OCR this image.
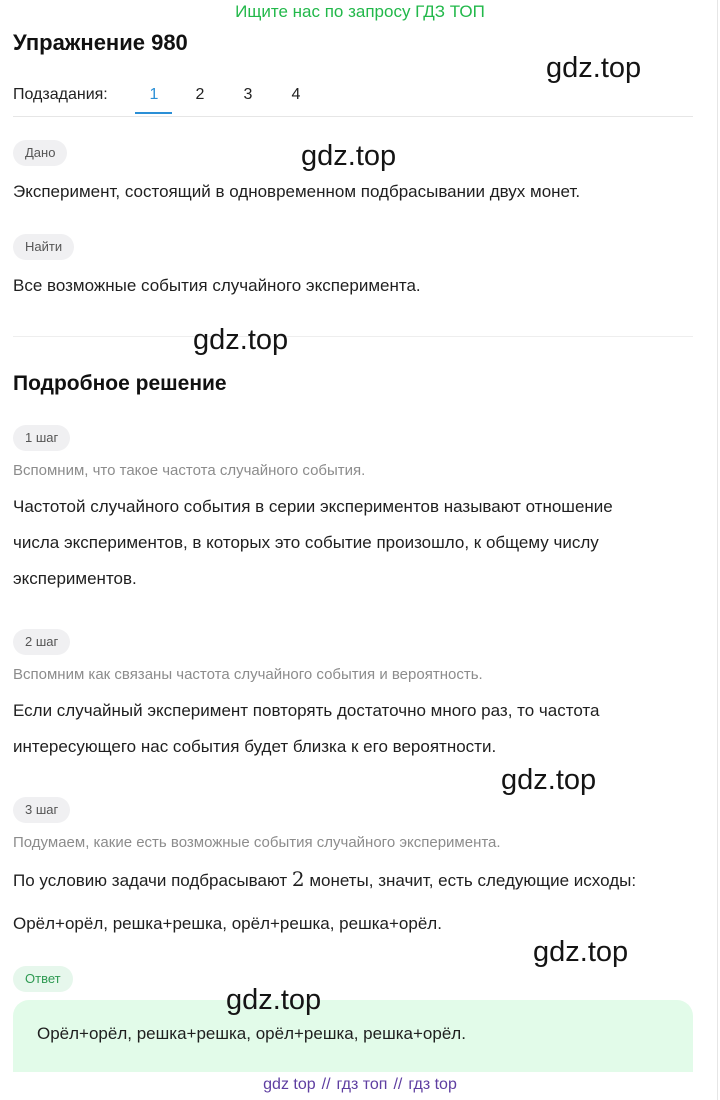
Ищите нас по запросу ГДЗ ТОП
Упражнение 980
Подзадания:	1	2	3	4
Дано
Эксперимент, состоящий в одновременном подбрасывании двух монет.
Найти
Все возможные события случайного эксперимента.
Подробное решение
1 шаг
Вспомним, что такое частота случайного события.
Частотой случайного события в серии экспериментов называют отношение
числа экспериментов, в которых это событие произошло, к общему числу
экспериментов.
2 шаг
Вспомним как связаны частота случайного события и вероятность.
Если случайный эксперимент повторять достаточно много раз, то частота
интересующего нас события будет близка к его вероятности.
3 шаг
Подумаем, какие есть возможные события случайного эксперимента.
По условию задачи подбрасывают 2 монеты, значит, есть следующие исходы:
Орёл+орёл, решка+решка, орёл+решка, решка+орёл.
Ответ
Орёл+орёл, решка+решка, орёл+решка, решка+орёл.
gdz.top
gdz.top
gdz.top
gdz.top
gdz.top
gdz.top
gdz top // гдз топ // гдз top
